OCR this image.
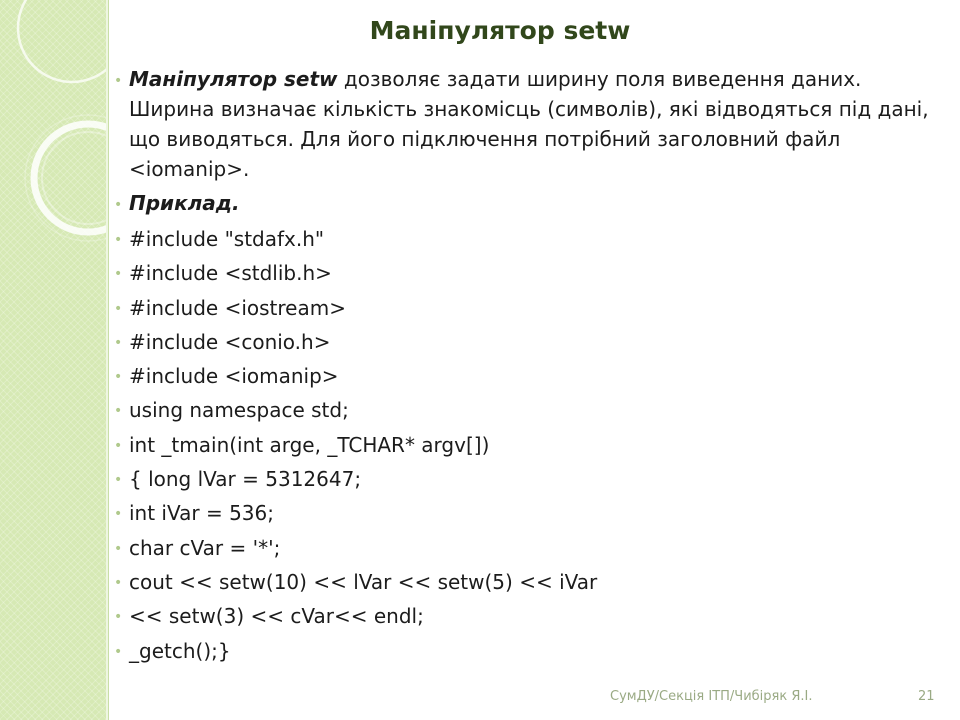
Маніпулятор setw
• Маніпулятор setw дозволяє задати ширину поля виведення даних. Ширина визначає кількість знакомісць (символів), які відводяться під дані, що виводяться. Для його підключення потрібний заголовний файл <iomanip>.
• Приклад.
• #include "stdafx.h"
• #include <stdlib.h>
• #include <iostream>
• #include <conio.h>
• #include <iomanip>
• using namespace std;
• int _tmain(int arge, _TCHAR* argv[])
• { long lVar = 5312647;
• int iVar = 536;
• char cVar = '*';
• cout << setw(10) << lVar << setw(5) << iVar
• << setw(3) << cVar<< endl;
• _getch();}
СумДУ/Секція ІТП/Чибіряк Я.І.	21
